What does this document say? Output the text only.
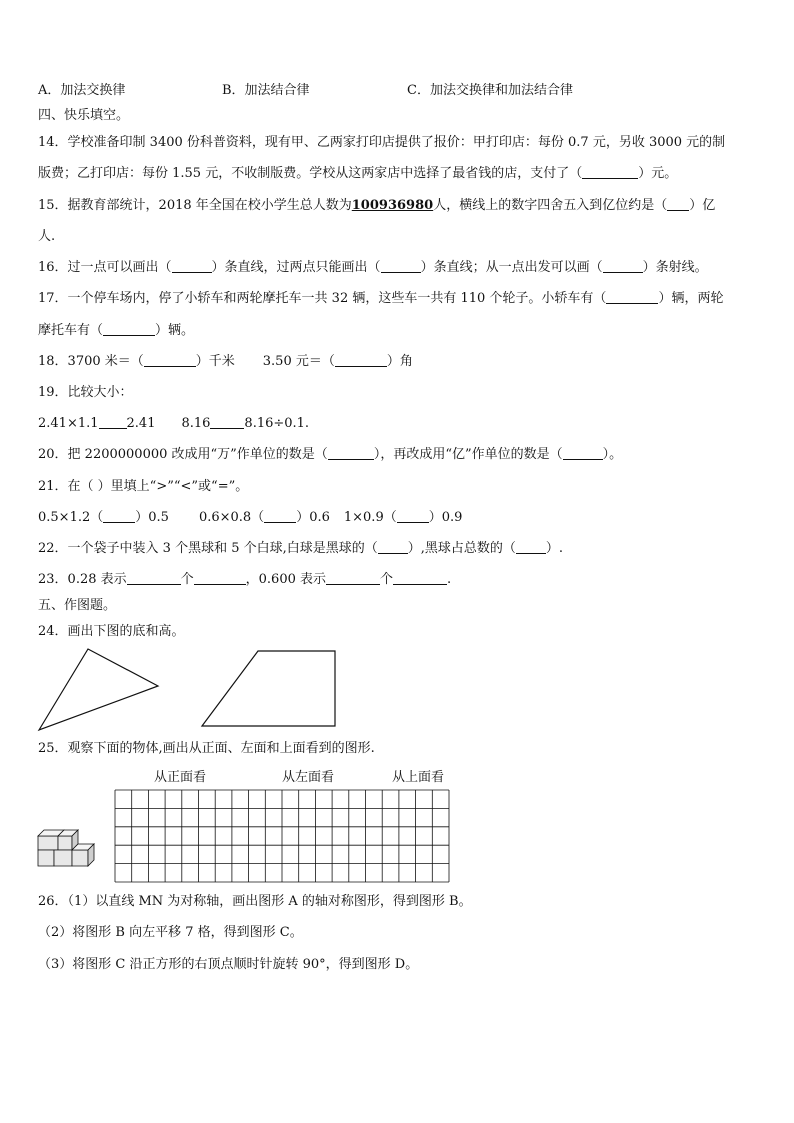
A．加法交换律	B．加法结合律	C．加法交换律和加法结合律
四、快乐填空。
14．学校准备印制 3400 份科普资料，现有甲、乙两家打印店提供了报价：甲打印店：每份 0.7 元，另收 3000 元的制
版费；乙打印店：每份 1.55 元，不收制版费。学校从这两家店中选择了最省钱的店，支付了（	）元。
15．据教育部统计，2018 年全国在校小学生总人数为100936980人，横线上的数字四舍五入到亿位约是（ ）亿
人.
16．过一点可以画出（	）条直线，过两点只能画出（	）条直线；从一点出发可以画（	）条射线。
17．一个停车场内，停了小轿车和两轮摩托车一共 32 辆，这些车一共有 110 个轮子。小轿车有（	）辆，两轮
摩托车有（	）辆。
18．3700 米＝（	）千米 3.50 元＝（	）角
19．比较大小：
2.41×1.1 2.41 8.16	8.16÷0.1.
20．把 2200000000 改成用“万”作单位的数是（	），再改成用“亿”作单位的数是（	）。
21．在（ ）里填上“>”“<”或“=”。
0.5×1.2（ ）0.5 0.6×0.8（ ）0.6 1×0.9（ ）0.9
22．一个袋子中装入 3 个黑球和 5 个白球,白球是黑球的（ ）,黑球占总数的（ ）.
23．0.28 表示	个	，0.600 表示	个	.
五、作图题。
24．画出下图的底和高。
25．观察下面的物体,画出从正面、左面和上面看到的图形.
从正面看	从左面看	从上面看
26．（1）以直线 MN 为对称轴，画出图形 A 的轴对称图形，得到图形 B。
（2）将图形 B 向左平移 7 格，得到图形 C。
（3）将图形 C 沿正方形的右顶点顺时针旋转 90°，得到图形 D。
